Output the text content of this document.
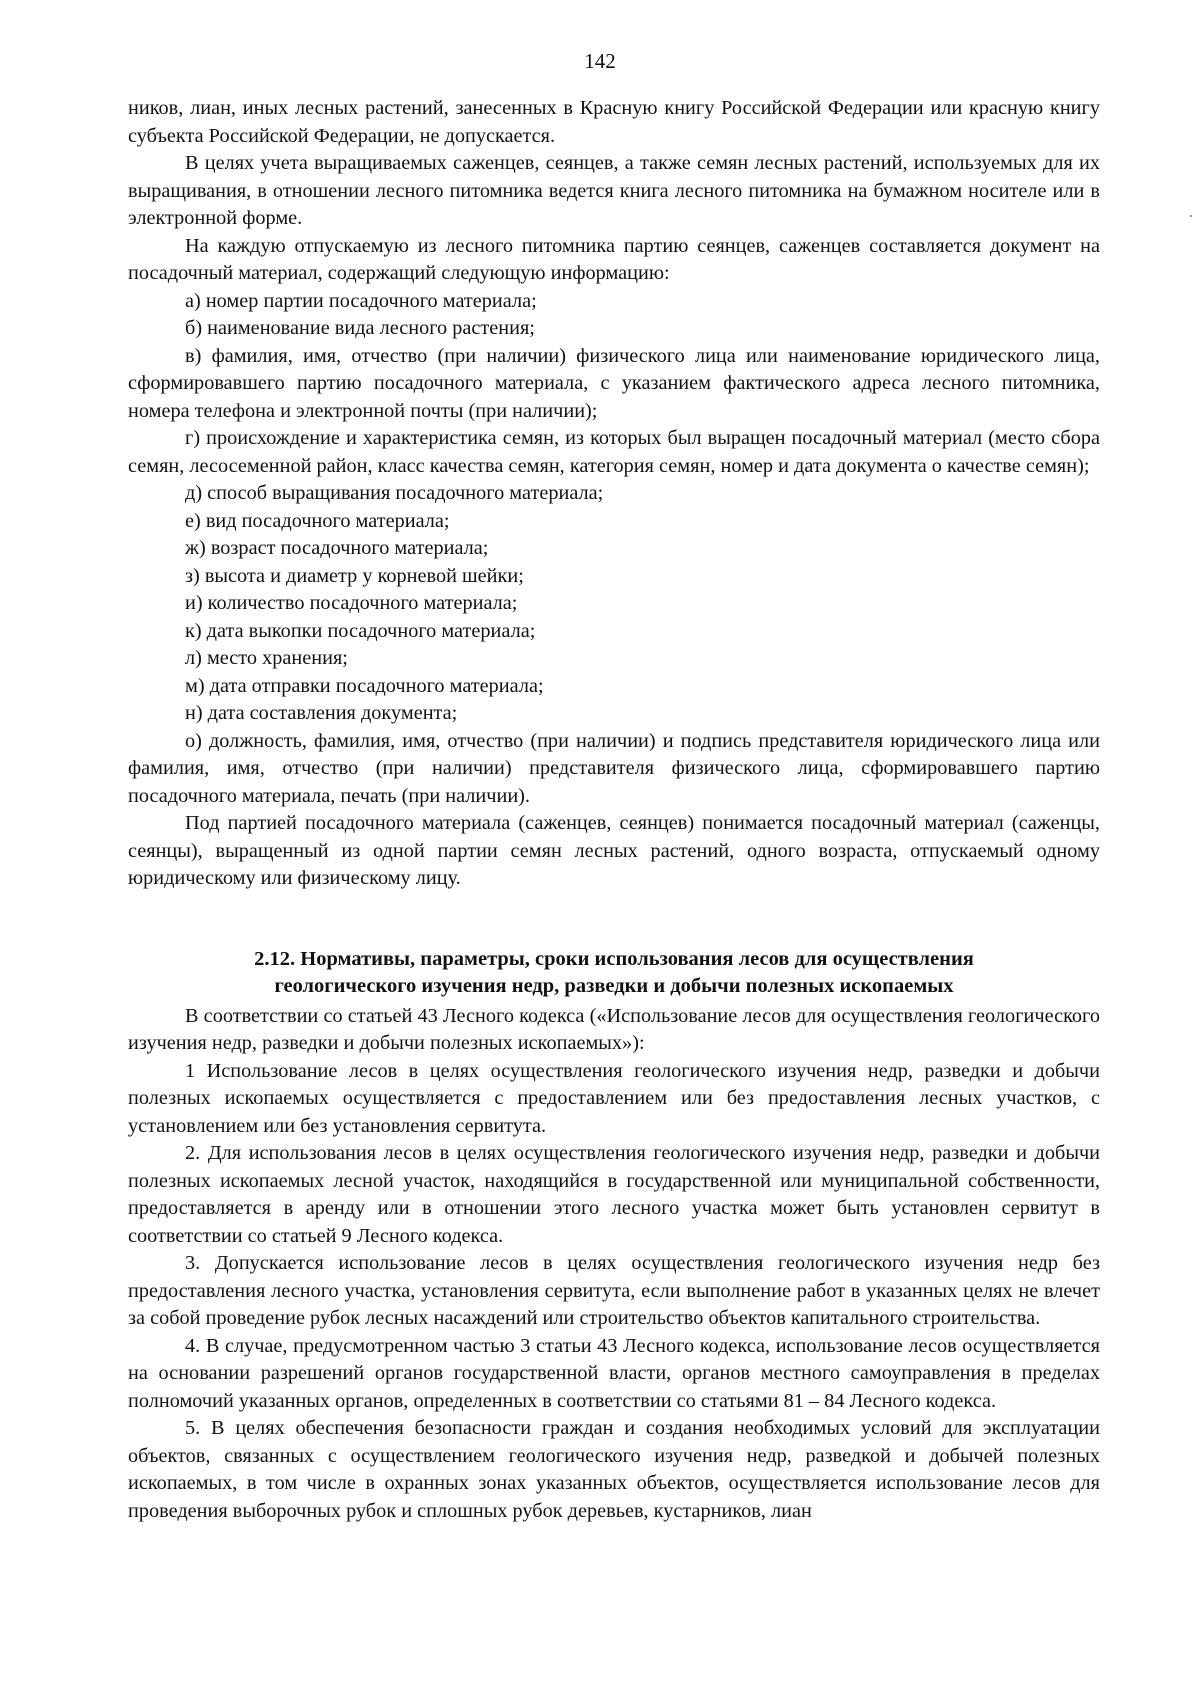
142

ников, лиан, иных лесных растений, занесенных в Красную книгу Российской Федерации или красную книгу субъекта Российской Федерации, не допускается.

В целях учета выращиваемых саженцев, сеянцев, а также семян лесных растений, используемых для их выращивания, в отношении лесного питомника ведется книга лесного питомника на бумажном носителе или в электронной форме.

На каждую отпускаемую из лесного питомника партию сеянцев, саженцев составляется документ на посадочный материал, содержащий следующую информацию:

а) номер партии посадочного материала;

б) наименование вида лесного растения;

в) фамилия, имя, отчество (при наличии) физического лица или наименование юридического лица, сформировавшего партию посадочного материала, с указанием фактического адреса лесного питомника, номера телефона и электронной почты (при наличии);

г) происхождение и характеристика семян, из которых был выращен посадочный материал (место сбора семян, лесосеменной район, класс качества семян, категория семян, номер и дата документа о качестве семян);

д) способ выращивания посадочного материала;

е) вид посадочного материала;

ж) возраст посадочного материала;

з) высота и диаметр у корневой шейки;

и) количество посадочного материала;

к) дата выкопки посадочного материала;

л) место хранения;

м) дата отправки посадочного материала;

н) дата составления документа;

о) должность, фамилия, имя, отчество (при наличии) и подпись представителя юридического лица или фамилия, имя, отчество (при наличии) представителя физического лица, сформировавшего партию посадочного материала, печать (при наличии).

Под партией посадочного материала (саженцев, сеянцев) понимается посадочный материал (саженцы, сеянцы), выращенный из одной партии семян лесных растений, одного возраста, отпускаемый одному юридическому или физическому лицу.

2.12. Нормативы, параметры, сроки использования лесов для осуществления
геологического изучения недр, разведки и добычи полезных ископаемых

В соответствии со статьей 43 Лесного кодекса («Использование лесов для осуществления геологического изучения недр, разведки и добычи полезных ископаемых»):

1 Использование лесов в целях осуществления геологического изучения недр, разведки и добычи полезных ископаемых осуществляется с предоставлением или без предоставления лесных участков, с установлением или без установления сервитута.

2. Для использования лесов в целях осуществления геологического изучения недр, разведки и добычи полезных ископаемых лесной участок, находящийся в государственной или муниципальной собственности, предоставляется в аренду или в отношении этого лесного участка может быть установлен сервитут в соответствии со статьей 9 Лесного кодекса.

3. Допускается использование лесов в целях осуществления геологического изучения недр без предоставления лесного участка, установления сервитута, если выполнение работ в указанных целях не влечет за собой проведение рубок лесных насаждений или строительство объектов капитального строительства.

4. В случае, предусмотренном частью 3 статьи 43 Лесного кодекса, использование лесов осуществляется на основании разрешений органов государственной власти, органов местного самоуправления в пределах полномочий указанных органов, определенных в соответствии со статьями 81 – 84 Лесного кодекса.

5. В целях обеспечения безопасности граждан и создания необходимых условий для эксплуатации объектов, связанных с осуществлением геологического изучения недр, разведкой и добычей полезных ископаемых, в том числе в охранных зонах указанных объектов, осуществляется использование лесов для проведения выборочных рубок и сплошных рубок деревьев, кустарников, лиан
